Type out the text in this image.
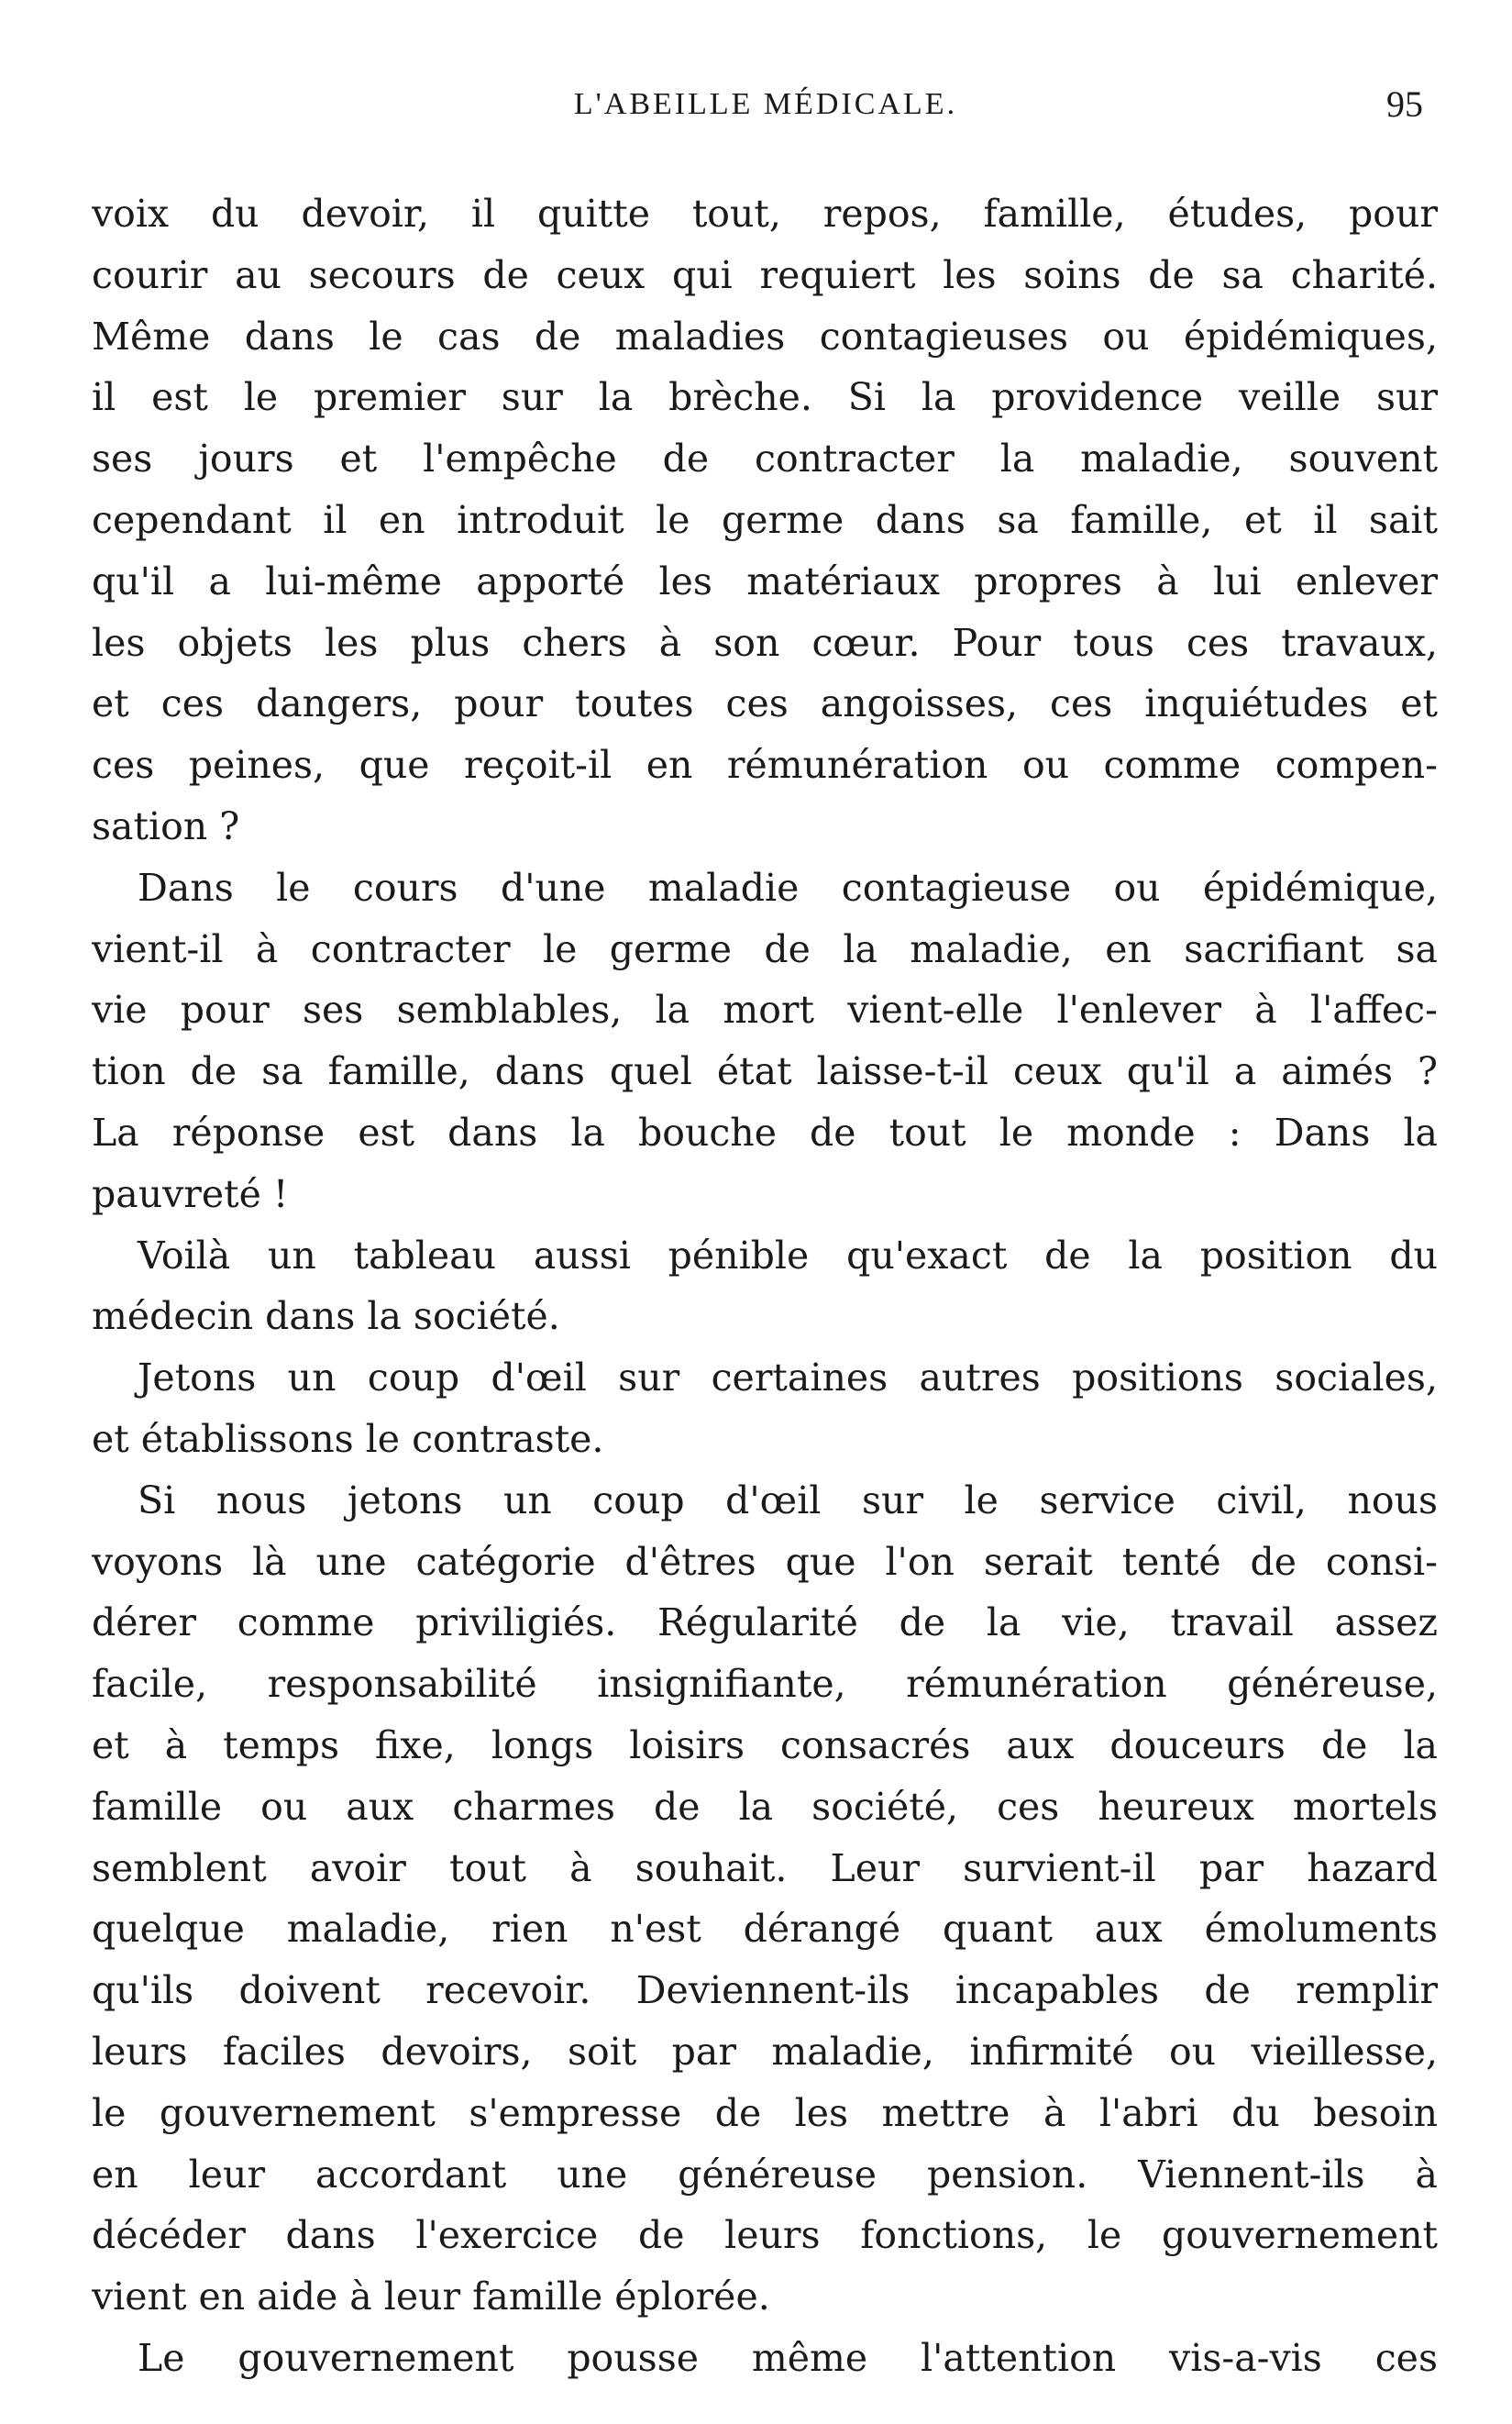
L'ABEILLE MÉDICALE.	95
voix du devoir, il quitte tout, repos, famille, études, pour
courir au secours de ceux qui requiert les soins de sa charité.
Même dans le cas de maladies contagieuses ou épidémiques,
il est le premier sur la brèche. Si la providence veille sur
ses jours et l'empêche de contracter la maladie, souvent
cependant il en introduit le germe dans sa famille, et il sait
qu'il a lui-même apporté les matériaux propres à lui enlever
les objets les plus chers à son cœur. Pour tous ces travaux,
et ces dangers, pour toutes ces angoisses, ces inquiétudes et
ces peines, que reçoit-il en rémunération ou comme compen-
sation ?
Dans le cours d'une maladie contagieuse ou épidémique,
vient-il à contracter le germe de la maladie, en sacrifiant sa
vie pour ses semblables, la mort vient-elle l'enlever à l'affec-
tion de sa famille, dans quel état laisse-t-il ceux qu'il a aimés ?
La réponse est dans la bouche de tout le monde : Dans la
pauvreté !
Voilà un tableau aussi pénible qu'exact de la position du
médecin dans la société.
Jetons un coup d'œil sur certaines autres positions sociales,
et établissons le contraste.
Si nous jetons un coup d'œil sur le service civil, nous
voyons là une catégorie d'êtres que l'on serait tenté de consi-
dérer comme priviligiés. Régularité de la vie, travail assez
facile, responsabilité insignifiante, rémunération généreuse,
et à temps fixe, longs loisirs consacrés aux douceurs de la
famille ou aux charmes de la société, ces heureux mortels
semblent avoir tout à souhait. Leur survient-il par hazard
quelque maladie, rien n'est dérangé quant aux émoluments
qu'ils doivent recevoir. Deviennent-ils incapables de remplir
leurs faciles devoirs, soit par maladie, infirmité ou vieillesse,
le gouvernement s'empresse de les mettre à l'abri du besoin
en leur accordant une généreuse pension. Viennent-ils à
décéder dans l'exercice de leurs fonctions, le gouvernement
vient en aide à leur famille éplorée.
Le gouvernement pousse même l'attention vis-a-vis ces
